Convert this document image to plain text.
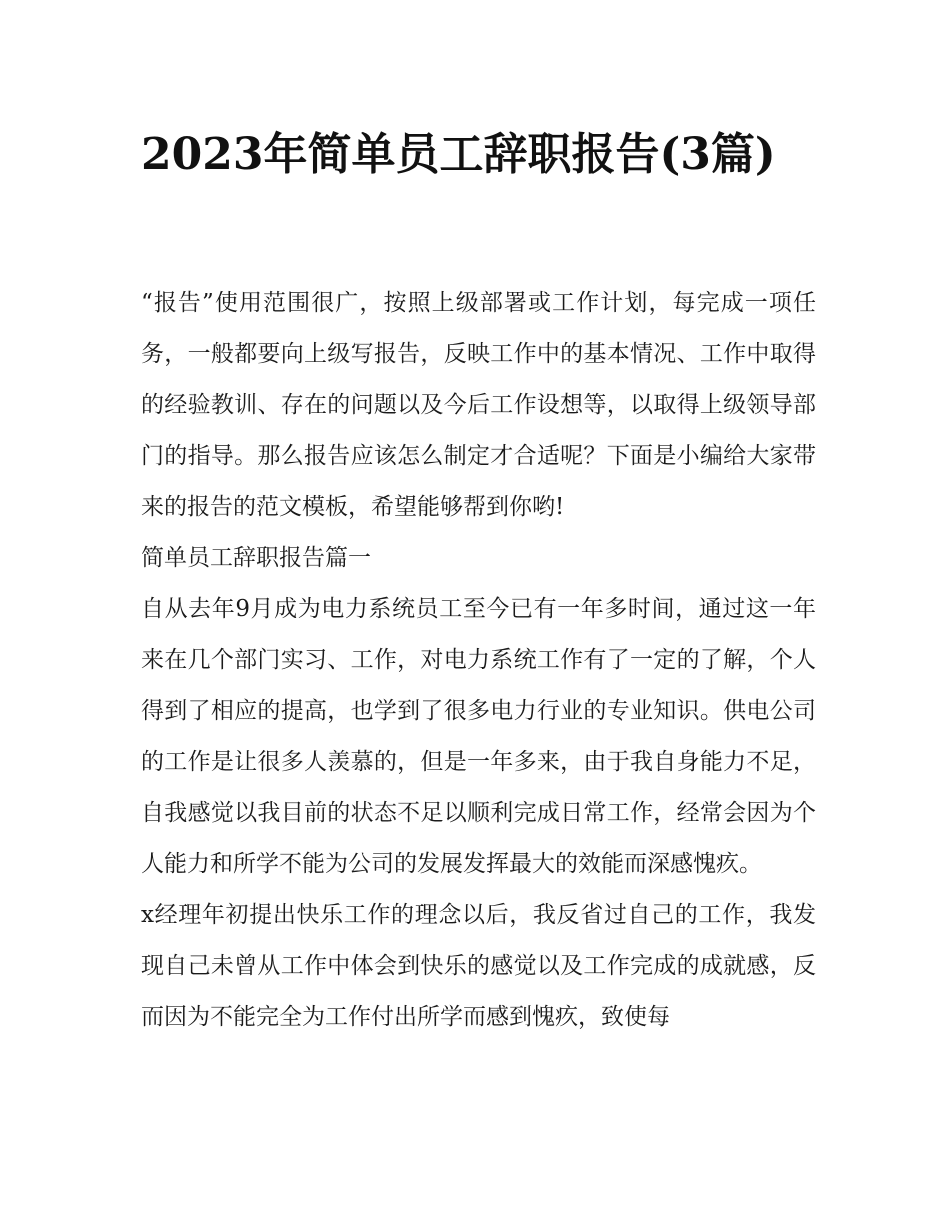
2023年简单员工辞职报告(3篇)

“报告”使用范围很广，按照上级部署或工作计划，每完成一项任务，一般都要向上级写报告，反映工作中的基本情况、工作中取得的经验教训、存在的问题以及今后工作设想等，以取得上级领导部门的指导。那么报告应该怎么制定才合适呢？下面是小编给大家带来的报告的范文模板，希望能够帮到你哟!

简单员工辞职报告篇一

自从去年9月成为电力系统员工至今已有一年多时间，通过这一年来在几个部门实习、工作，对电力系统工作有了一定的了解，个人得到了相应的提高，也学到了很多电力行业的专业知识。供电公司的工作是让很多人羡慕的，但是一年多来，由于我自身能力不足，自我感觉以我目前的状态不足以顺利完成日常工作，经常会因为个人能力和所学不能为公司的发展发挥最大的效能而深感愧疚。

x经理年初提出快乐工作的理念以后，我反省过自己的工作，我发现自己未曾从工作中体会到快乐的感觉以及工作完成的成就感，反而因为不能完全为工作付出所学而感到愧疚，致使每
